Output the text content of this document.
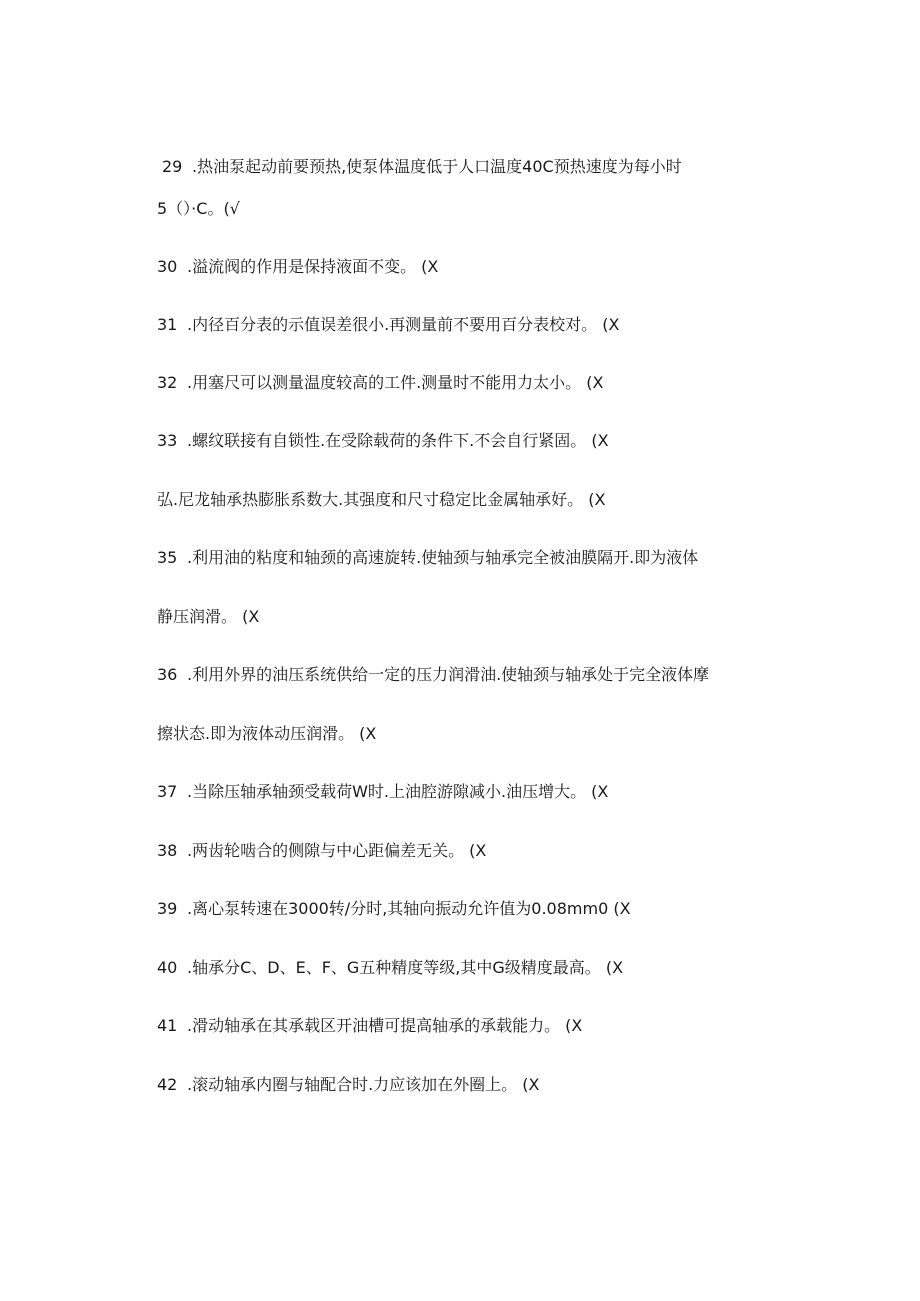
29 .热油泵起动前要预热,使泵体温度低于人口温度40C预热速度为每小时
5（）·C。(√
30 .溢流阀的作用是保持液面不变。 (X
31 .内径百分表的示值误差很小.再测量前不要用百分表校对。 (X
32 .用塞尺可以测量温度较高的工件.测量时不能用力太小。 (X
33 .螺纹联接有自锁性.在受除载荷的条件下.不会自行紧固。 (X
弘.尼龙轴承热膨胀系数大.其强度和尺寸稳定比金属轴承好。 (X
35 .利用油的粘度和轴颈的高速旋转.使轴颈与轴承完全被油膜隔开.即为液体
静压润滑。 (X
36 .利用外界的油压系统供给一定的压力润滑油.使轴颈与轴承处于完全液体摩
擦状态.即为液体动压润滑。 (X
37 .当除压轴承轴颈受载荷W时.上油腔游隙减小.油压增大。 (X
38 .两齿轮啮合的侧隙与中心距偏差无关。 (X
39 .离心泵转速在3000转/分时,其轴向振动允许值为0.08mm0 (X
40 .轴承分C、D、E、F、G五种精度等级,其中G级精度最高。 (X
41 .滑动轴承在其承载区开油槽可提高轴承的承载能力。 (X
42 .滚动轴承内圈与轴配合时.力应该加在外圈上。 (X
